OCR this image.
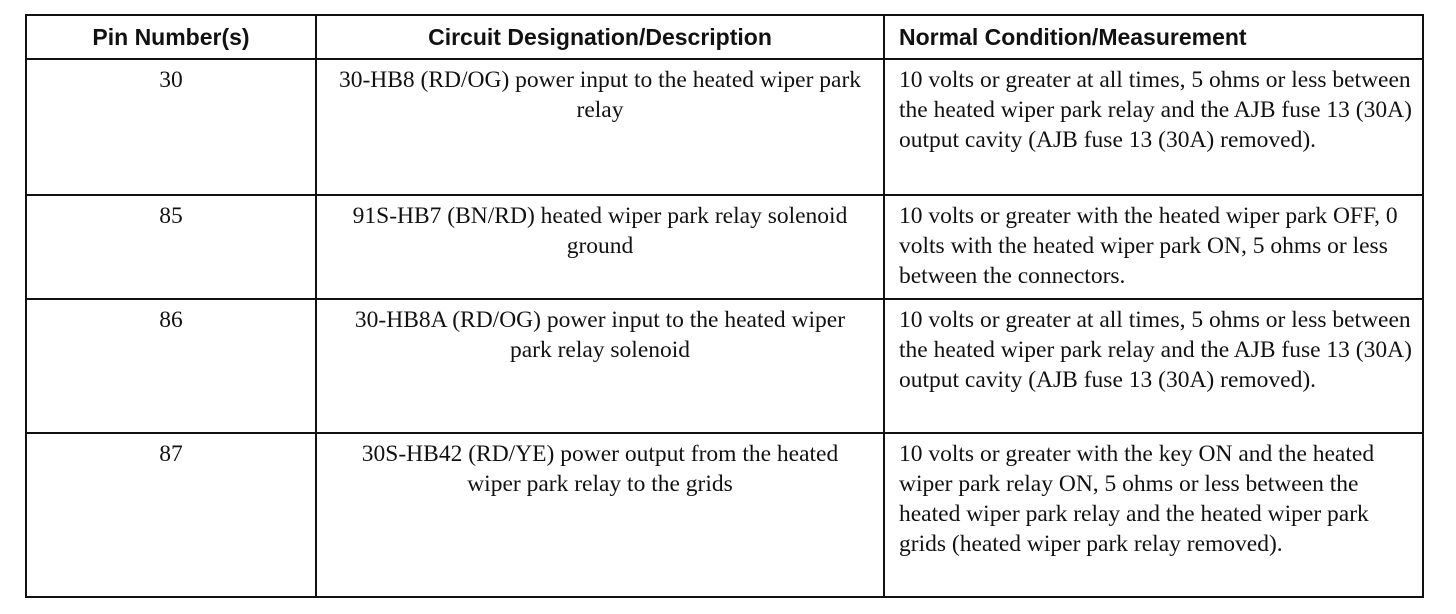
Pin Number(s)	Circuit Designation/Description	Normal Condition/Measurement
30	30-HB8 (RD/OG) power input to the heated wiper park relay	10 volts or greater at all times, 5 ohms or less between the heated wiper park relay and the AJB fuse 13 (30A) output cavity (AJB fuse 13 (30A) removed).
85	91S-HB7 (BN/RD) heated wiper park relay solenoid ground	10 volts or greater with the heated wiper park OFF, 0 volts with the heated wiper park ON, 5 ohms or less between the connectors.
86	30-HB8A (RD/OG) power input to the heated wiper park relay solenoid	10 volts or greater at all times, 5 ohms or less between the heated wiper park relay and the AJB fuse 13 (30A) output cavity (AJB fuse 13 (30A) removed).
87	30S-HB42 (RD/YE) power output from the heated wiper park relay to the grids	10 volts or greater with the key ON and the heated wiper park relay ON, 5 ohms or less between the heated wiper park relay and the heated wiper park grids (heated wiper park relay removed).
